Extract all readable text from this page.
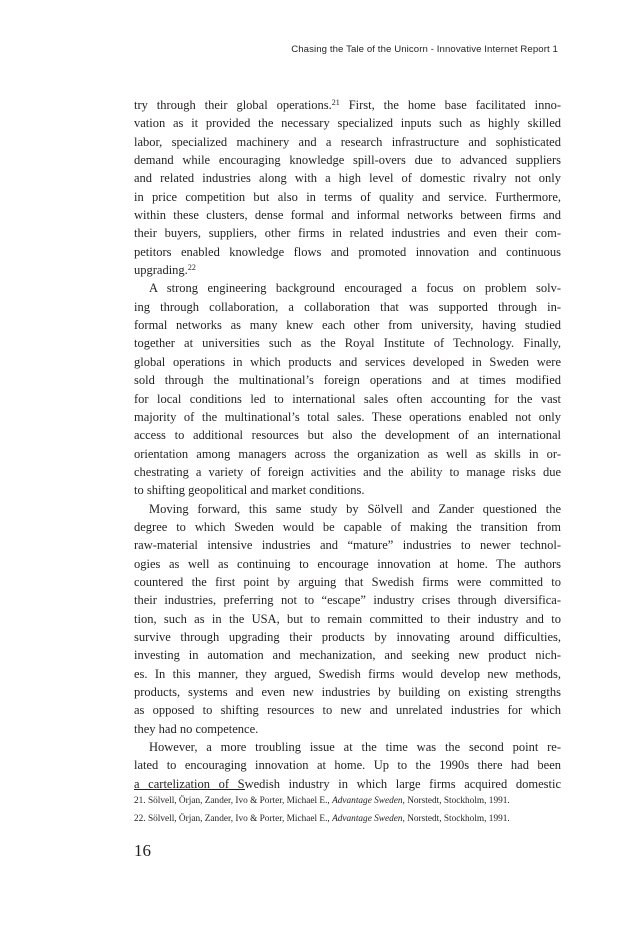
Chasing the Tale of the Unicorn - Innovative Internet Report 1

try through their global operations.$^{21}$ First, the home base facilitated inno-
vation as it provided the necessary specialized inputs such as highly skilled
labor, specialized machinery and a research infrastructure and sophisticated
demand while encouraging knowledge spill-overs due to advanced suppliers
and related industries along with a high level of domestic rivalry not only
in price competition but also in terms of quality and service. Furthermore,
within these clusters, dense formal and informal networks between firms and
their buyers, suppliers, other firms in related industries and even their com-
petitors enabled knowledge flows and promoted innovation and continuous
upgrading.$^{22}$

A strong engineering background encouraged a focus on problem solv-
ing through collaboration, a collaboration that was supported through in-
formal networks as many knew each other from university, having studied
together at universities such as the Royal Institute of Technology. Finally,
global operations in which products and services developed in Sweden were
sold through the multinational’s foreign operations and at times modified
for local conditions led to international sales often accounting for the vast
majority of the multinational’s total sales. These operations enabled not only
access to additional resources but also the development of an international
orientation among managers across the organization as well as skills in or-
chestrating a variety of foreign activities and the ability to manage risks due
to shifting geopolitical and market conditions.

Moving forward, this same study by Sölvell and Zander questioned the
degree to which Sweden would be capable of making the transition from
raw-material intensive industries and “mature” industries to newer technol-
ogies as well as continuing to encourage innovation at home. The authors
countered the first point by arguing that Swedish firms were committed to
their industries, preferring not to “escape” industry crises through diversifica-
tion, such as in the USA, but to remain committed to their industry and to
survive through upgrading their products by innovating around difficulties,
investing in automation and mechanization, and seeking new product nich-
es. In this manner, they argued, Swedish firms would develop new methods,
products, systems and even new industries by building on existing strengths
as opposed to shifting resources to new and unrelated industries for which
they had no competence.

However, a more troubling issue at the time was the second point re-
lated to encouraging innovation at home. Up to the 1990s there had been
a cartelization of Swedish industry in which large firms acquired domestic

21. Sölvell, Örjan, Zander, Ivo & Porter, Michael E., Advantage Sweden, Norstedt, Stockholm, 1991.
22. Sölvell, Örjan, Zander, Ivo & Porter, Michael E., Advantage Sweden, Norstedt, Stockholm, 1991.
16
